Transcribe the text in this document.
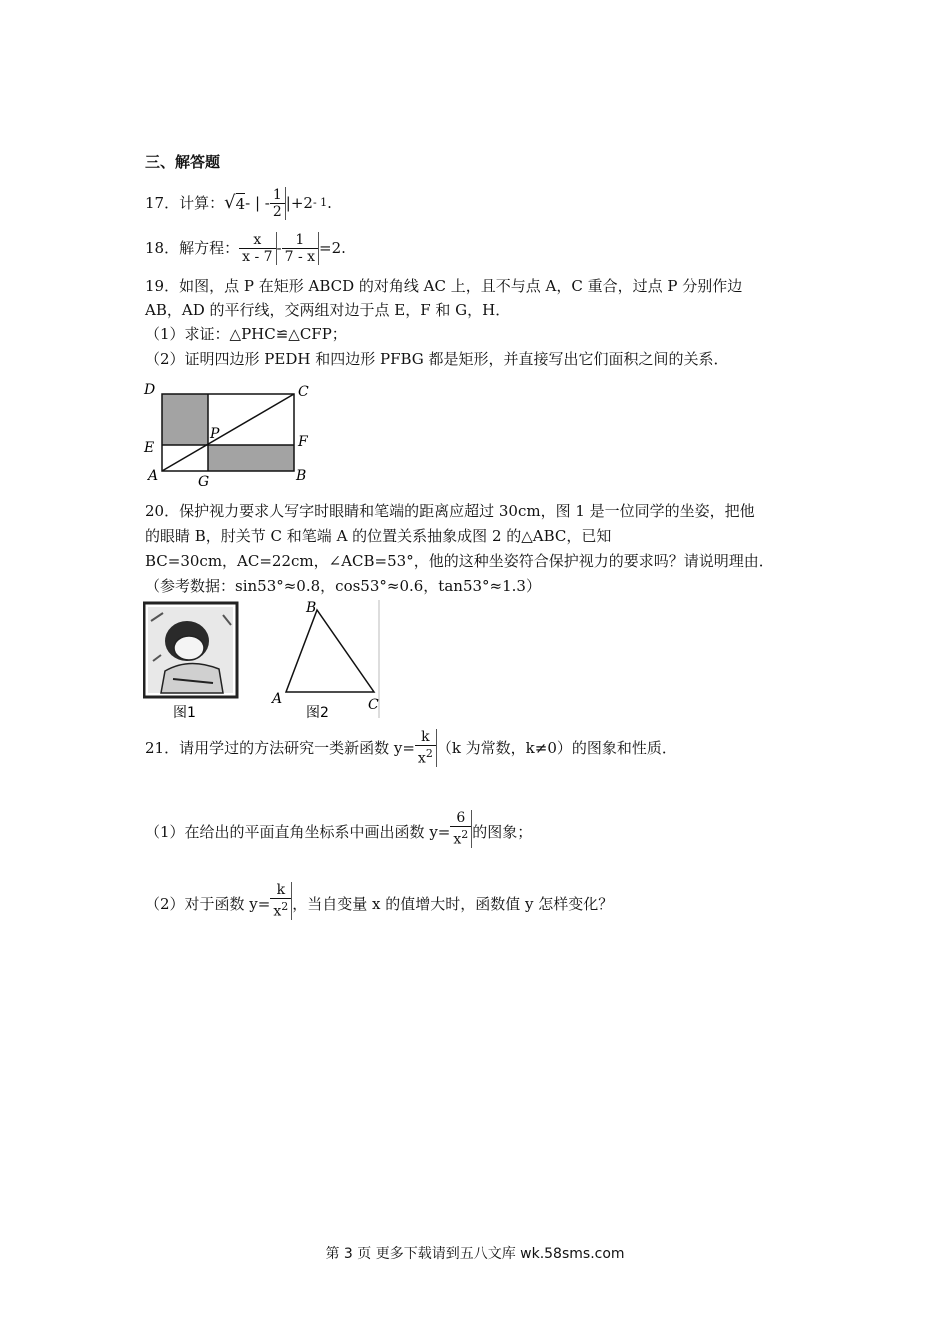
三、解答题
17．计算： √ 4 - | - $\frac{1}{2} |+2 - 1$ .
18．解方程： $\frac{x}{x - 7} - \frac{1}{7 - x} =2$.
19．如图，点 P 在矩形 ABCD 的对角线 AC 上，且不与点 A，C 重合，过点 P 分别作边
AB，AD 的平行线，交两组对边于点 E，F 和 G，H．
（1）求证：△PHC≌△CFP；
（2）证明四边形 PEDH 和四边形 PFBG 都是矩形，并直接写出它们面积之间的关系．
D	C
E	F
P
A	G	B
20．保护视力要求人写字时眼睛和笔端的距离应超过 30cm，图 1 是一位同学的坐姿，把他
的眼睛 B，肘关节 C 和笔端 A 的位置关系抽象成图 2 的△ABC，已知
BC=30cm，AC=22cm，∠ACB=53°，他的这种坐姿符合保护视力的要求吗？请说明理由．
（参考数据：sin53°≈0.8，cos53°≈0.6，tan53°≈1.3）
图1
B
A	C
图2
21．请用学过的方法研究一类新函数 $y= \frac{k}{x^2} (k$ 为常数，k≠0）的图象和性质．
（1）在给出的平面直角坐标系中画出函数 $y= \frac{6}{x^2}$ 的图象；
（2）对于函数 $y= \frac{k}{x^2}$ ，当自变量 x 的值增大时，函数值 y 怎样变化？
第 3 页 更多下载请到五八文库 wk.58sms.com
